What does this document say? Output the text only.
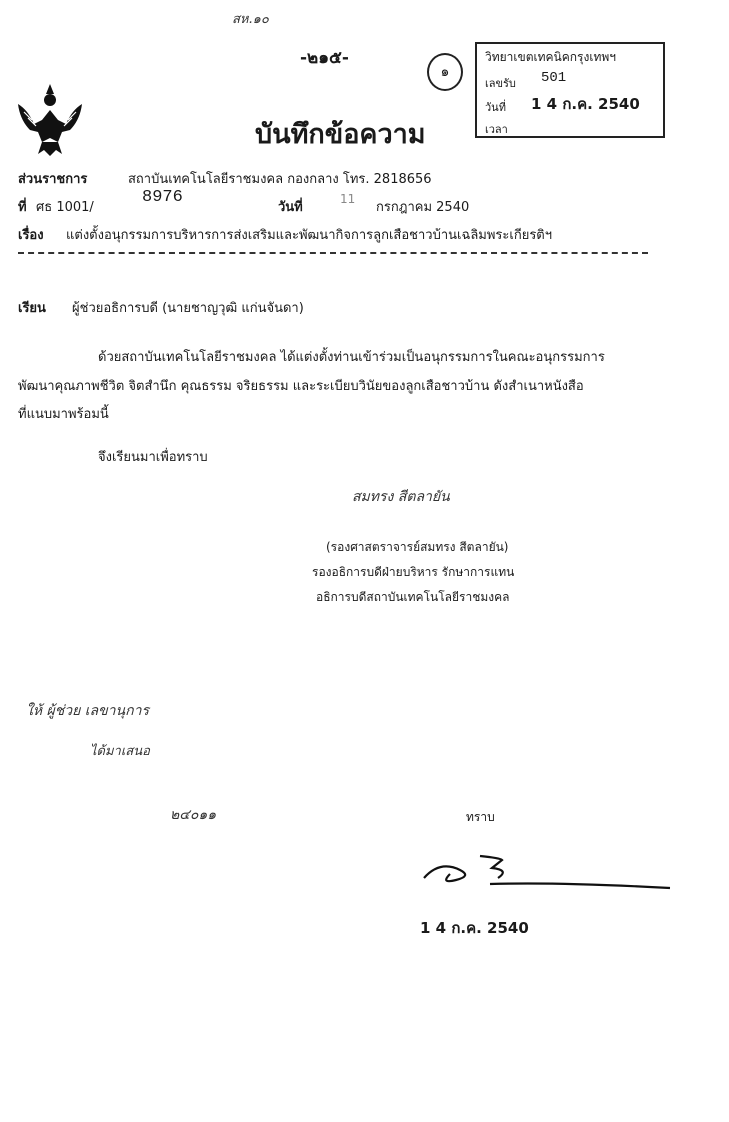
สห.๑๐
-๒๑๕-
๑
วิทยาเขตเทคนิคกรุงเทพฯ
เลขรับ 501
วันที่ 1 4 ก.ค. 2540
เวลา
บันทึกข้อความ
ส่วนราชการ	สถาบันเทคโนโลยีราชมงคล กองกลาง โทร. 2818656
ที่ ศธ 1001/
8976
วันที่
11
กรกฎาคม 2540
เรื่อง แต่งตั้งอนุกรรมการบริหารการส่งเสริมและพัฒนากิจการลูกเสือชาวบ้านเฉลิมพระเกียรติฯ
เรียน ผู้ช่วยอธิการบดี (นายชาญวุฒิ แก่นจันดา)
ด้วยสถาบันเทคโนโลยีราชมงคล ได้แต่งตั้งท่านเข้าร่วมเป็นอนุกรรมการในคณะอนุกรรมการ
พัฒนาคุณภาพชีวิต จิตสำนึก คุณธรรม จริยธรรม และระเบียบวินัยของลูกเสือชาวบ้าน ดังสำเนาหนังสือ
ที่แนบมาพร้อมนี้
จึงเรียนมาเพื่อทราบ
สมทรง สีตลายัน
(รองศาสตราจารย์สมทรง สีตลายัน)
รองอธิการบดีฝ่ายบริหาร รักษาการแทน
อธิการบดีสถาบันเทคโนโลยีราชมงคล
ให้ ผู้ช่วย เลขานุการ
ได้มาเสนอ
๒๔๐๑๑	ทราบ
1 4 ก.ค. 2540
